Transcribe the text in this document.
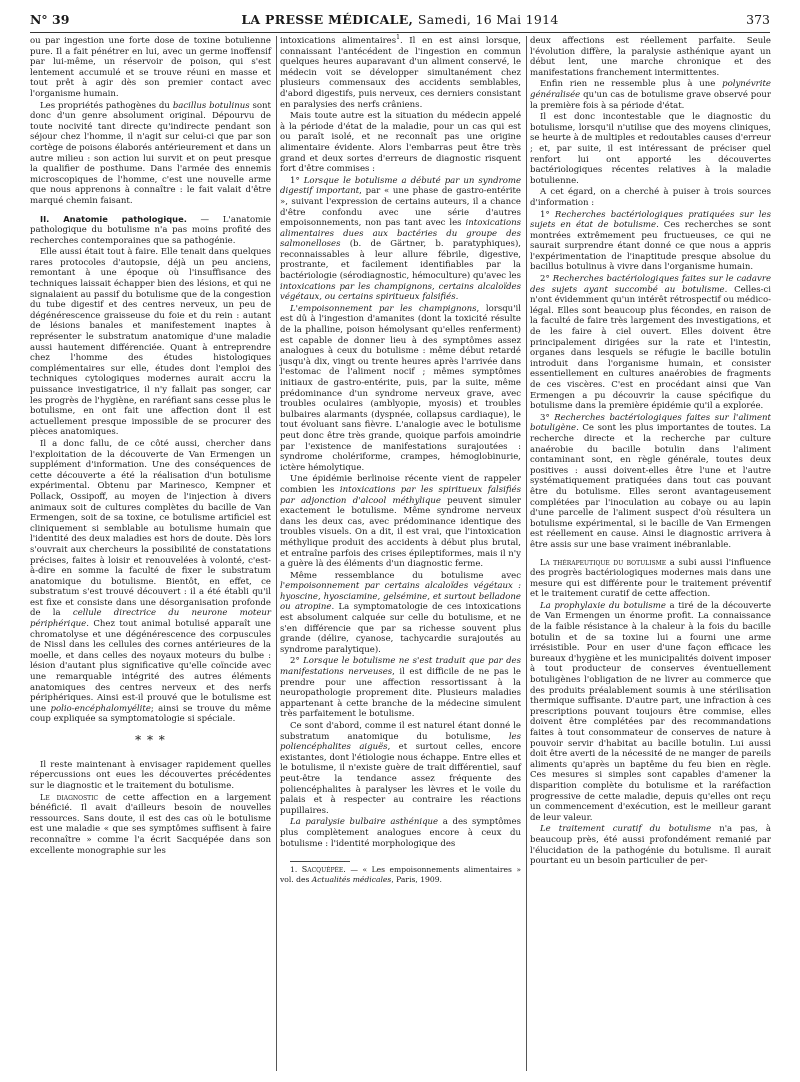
N° 39	LA PRESSE MÉDICALE, Samedi, 16 Mai 1914	373

ou par ingestion une forte dose de toxine botulienne pure. Il a fait pénétrer en lui, avec un germe inoffensif par lui-même, un réservoir de poison, qui s'est lentement accumulé et se trouve réuni en masse et tout prêt à agir dès son premier contact avec l'organisme humain.

Les propriétés pathogènes du bacillus botulinus sont donc d'un genre absolument original. Dépourvu de toute nocivité tant directe qu'indirecte pendant son séjour chez l'homme, il n'agit sur celui-ci que par son cortège de poisons élaborés antérieurement et dans un autre milieu : son action lui survit et on peut presque la qualifier de posthume. Dans l'armée des ennemis microscopiques de l'homme, c'est une nouvelle arme que nous apprenons à connaître : le fait valait d'être marqué chemin faisant.

II. Anatomie pathologique. — L'anatomie pathologique du botulisme n'a pas moins profité des recherches contemporaines que sa pathogénie.

Elle aussi était tout à faire. Elle tenait dans quelques rares protocoles d'autopsie, déjà un peu anciens, remontant à une époque où l'insuffisance des techniques laissait échapper bien des lésions, et qui ne signalaient au passif du botulisme que de la congestion du tube digestif et des centres nerveux, un peu de dégénérescence graisseuse du foie et du rein : autant de lésions banales et manifestement inaptes à représenter le substratum anatomique d'une maladie aussi hautement différenciée. Quant à entreprendre chez l'homme des études histologiques complémentaires sur elle, études dont l'emploi des techniques cytologiques modernes aurait accru la puissance investigatrice, il n'y fallait pas songer, car les progrès de l'hygiène, en raréfiant sans cesse plus le botulisme, en ont fait une affection dont il est actuellement presque impossible de se procurer des pièces anatomiques.

Il a donc fallu, de ce côté aussi, chercher dans l'exploitation de la découverte de Van Ermengen un supplément d'information. Une des conséquences de cette découverte a été la réalisation d'un botulisme expérimental. Obtenu par Marinesco, Kempner et Pollack, Ossipoff, au moyen de l'injection à divers animaux soit de cultures complètes du bacille de Van Ermengen, soit de sa toxine, ce botulisme artificiel est cliniquement si semblable au botulisme humain que l'identité des deux maladies est hors de doute. Dès lors s'ouvrait aux chercheurs la possibilité de constatations précises, faites à loisir et renouvelées à volonté, c'est-à-dire en somme la faculté de fixer le substratum anatomique du botulisme. Bientôt, en effet, ce substratum s'est trouvé découvert : il a été établi qu'il est fixe et consiste dans une désorganisation profonde de la cellule directrice du neurone moteur périphérique. Chez tout animal botulisé apparaît une chromatolyse et une dégénérescence des corpuscules de Nissl dans les cellules des cornes antérieures de la moelle, et dans celles des noyaux moteurs du bulbe : lésion d'autant plus significative qu'elle coïncide avec une remarquable intégrité des autres éléments anatomiques des centres nerveux et des nerfs périphériques. Ainsi est-il prouvé que le botulisme est une polio-encéphalomyélite; ainsi se trouve du même coup expliquée sa symptomatologie si spéciale.

* * *

Il reste maintenant à envisager rapidement quelles répercussions ont eues les découvertes précédentes sur le diagnostic et le traitement du botulisme.

Le diagnostic de cette affection en a largement bénéficié. Il avait d'ailleurs besoin de nouvelles ressources. Sans doute, il est des cas où le botulisme est une maladie « que ses symptômes suffisent à faire reconnaître » comme l'a écrit Sacquépée dans son excellente monographie sur les

intoxications alimentaires$^1$. Il en est ainsi lorsque, connaissant l'antécédent de l'ingestion en commun quelques heures auparavant d'un aliment conservé, le médecin voit se développer simultanément chez plusieurs commensaux des accidents semblables, d'abord digestifs, puis nerveux, ces derniers consistant en paralysies des nerfs crâniens.

Mais toute autre est la situation du médecin appelé à la période d'état de la maladie, pour un cas qui est ou paraît isolé, et ne reconnaît pas une origine alimentaire évidente. Alors l'embarras peut être très grand et deux sortes d'erreurs de diagnostic risquent fort d'être commises :

1° Lorsque le botulisme a débuté par un syndrome digestif important, par « une phase de gastro-entérite », suivant l'expression de certains auteurs, il a chance d'être confondu avec une série d'autres empoisonnements, non pas tant avec les intoxications alimentaires dues aux bactéries du groupe des salmonelloses (b. de Gärtner, b. paratyphiques), reconnaissables à leur allure fébrile, digestive, prostrante, et facilement identifiables par la bactériologie (sérodiagnostic, hémoculture) qu'avec les intoxications par les champignons, certains alcaloïdes végétaux, ou certains spiritueux falsifiés.

L'empoisonnement par les champignons, lorsqu'il est dû à l'ingestion d'amanites (dont la toxicité résulte de la phalline, poison hémolysant qu'elles renferment) est capable de donner lieu à des symptômes assez analogues à ceux du botulisme : même début retardé jusqu'à dix, vingt ou trente heures après l'arrivée dans l'estomac de l'aliment nocif ; mêmes symptômes initiaux de gastro-entérite, puis, par la suite, même prédominance d'un syndrome nerveux grave, avec troubles oculaires (amblyopie, myosis) et troubles bulbaires alarmants (dyspnée, collapsus cardiaque), le tout évoluant sans fièvre. L'analogie avec le botulisme peut donc être très grande, quoique parfois amoindrie par l'existence de manifestations surajoutées : syndrome cholériforme, crampes, hémoglobinurie, ictère hémolytique.

Une épidémie berlinoise récente vient de rappeler combien les intoxications par les spiritueux falsifiés par adjonction d'alcool méthylique peuvent simuler exactement le botulisme. Même syndrome nerveux dans les deux cas, avec prédominance identique des troubles visuels. On a dit, il est vrai, que l'intoxication méthylique produit des accidents à début plus brutal, et entraîne parfois des crises épileptiformes, mais il n'y a guère là des éléments d'un diagnostic ferme.

Même ressemblance du botulisme avec l'empoisonnement par certains alcaloïdes végétaux : hyoscine, hyosciamine, gelsémine, et surtout belladone ou atropine. La symptomatologie de ces intoxications est absolument calquée sur celle du botulisme, et ne s'en différencie que par sa richesse souvent plus grande (délire, cyanose, tachycardie surajoutés au syndrome paralytique).

2° Lorsque le botulisme ne s'est traduit que par des manifestations nerveuses, il est difficile de ne pas le prendre pour une affection ressortissant à la neuropathologie proprement dite. Plusieurs maladies appartenant à cette branche de la médecine simulent très parfaitement le botulisme.

Ce sont d'abord, comme il est naturel étant donné le substratum anatomique du botulisme, les poliencéphalites aiguës, et surtout celles, encore existantes, dont l'étiologie nous échappe. Entre elles et le botulisme, il n'existe guère de trait différentiel, sauf peut-être la tendance assez fréquente des poliencéphalites à paralyser les lèvres et le voile du palais et à respecter au contraire les réactions pupillaires.

La paralysie bulbaire asthénique a des symptômes plus complètement analogues encore à ceux du botulisme : l'identité morphologique des

1. Sacquépée. — « Les empoisonnements alimentaires » vol. des Actualités médicales, Paris, 1909.

deux affections est réellement parfaite. Seule l'évolution diffère, la paralysie asthénique ayant un début lent, une marche chronique et des manifestations franchement intermittentes.

Enfin rien ne ressemble plus à une polynévrite généralisée qu'un cas de botulisme grave observé pour la première fois à sa période d'état.

Il est donc incontestable que le diagnostic du botulisme, lorsqu'il n'utilise que des moyens cliniques, se heurte à de multiples et redoutables causes d'erreur ; et, par suite, il est intéressant de préciser quel renfort lui ont apporté les découvertes bactériologiques récentes relatives à la maladie botulienne.

A cet égard, on a cherché à puiser à trois sources d'information :

1° Recherches bactériologiques pratiquées sur les sujets en état de botulisme. Ces recherches se sont montrées extrêmement peu fructueuses, ce qui ne saurait surprendre étant donné ce que nous a appris l'expérimentation de l'inaptitude presque absolue du bacillus botulinus à vivre dans l'organisme humain.

2° Recherches bactériologiques faites sur le cadavre des sujets ayant succombé au botulisme. Celles-ci n'ont évidemment qu'un intérêt rétrospectif ou médico-légal. Elles sont beaucoup plus fécondes, en raison de la faculté de faire très largement des investigations, et de les faire à ciel ouvert. Elles doivent être principalement dirigées sur la rate et l'intestin, organes dans lesquels se réfugie le bacille botulin introduit dans l'organisme humain, et consister essentiellement en cultures anaérobies de fragments de ces viscères. C'est en procédant ainsi que Van Ermengen a pu découvrir la cause spécifique du botulisme dans la première épidémie qu'il a explorée.

3° Recherches bactériologiques faites sur l'aliment botuligène. Ce sont les plus importantes de toutes. La recherche directe et la recherche par culture anaérobie du bacille botulin dans l'aliment contaminant sont, en règle générale, toutes deux positives : aussi doivent-elles être l'une et l'autre systématiquement pratiquées dans tout cas pouvant être du botulisme. Elles seront avantageusement complétées par l'inoculation au cobaye ou au lapin d'une parcelle de l'aliment suspect d'où résultera un botulisme expérimental, si le bacille de Van Ermengen est réellement en cause. Ainsi le diagnostic arrivera à être assis sur une base vraiment inébranlable.

La thérapeutique du botulisme a subi aussi l'influence des progrès bactériologiques modernes mais dans une mesure qui est différente pour le traitement préventif et le traitement curatif de cette affection.

La prophylaxie du botulisme a tiré de la découverte de Van Ermengen un énorme profit. La connaissance de la faible résistance à la chaleur à la fois du bacille botulin et de sa toxine lui a fourni une arme irrésistible. Pour en user d'une façon efficace les bureaux d'hygiène et les municipalités doivent imposer à tout producteur de conserves éventuellement botuligènes l'obligation de ne livrer au commerce que des produits préalablement soumis à une stérilisation thermique suffisante. D'autre part, une infraction à ces prescriptions pouvant toujours être commise, elles doivent être complétées par des recommandations faites à tout consommateur de conserves de nature à pouvoir servir d'habitat au bacille botulin. Lui aussi doit être averti de la nécessité de ne manger de pareils aliments qu'après un baptême du feu bien en règle. Ces mesures si simples sont capables d'amener la disparition complète du botulisme et la raréfaction progressive de cette maladie, depuis qu'elles ont reçu un commencement d'exécution, est le meilleur garant de leur valeur.

Le traitement curatif du botulisme n'a pas, à beaucoup près, été aussi profondément remanié par l'élucidation de la pathogénie du botulisme. Il aurait pourtant eu un besoin particulier de per-
